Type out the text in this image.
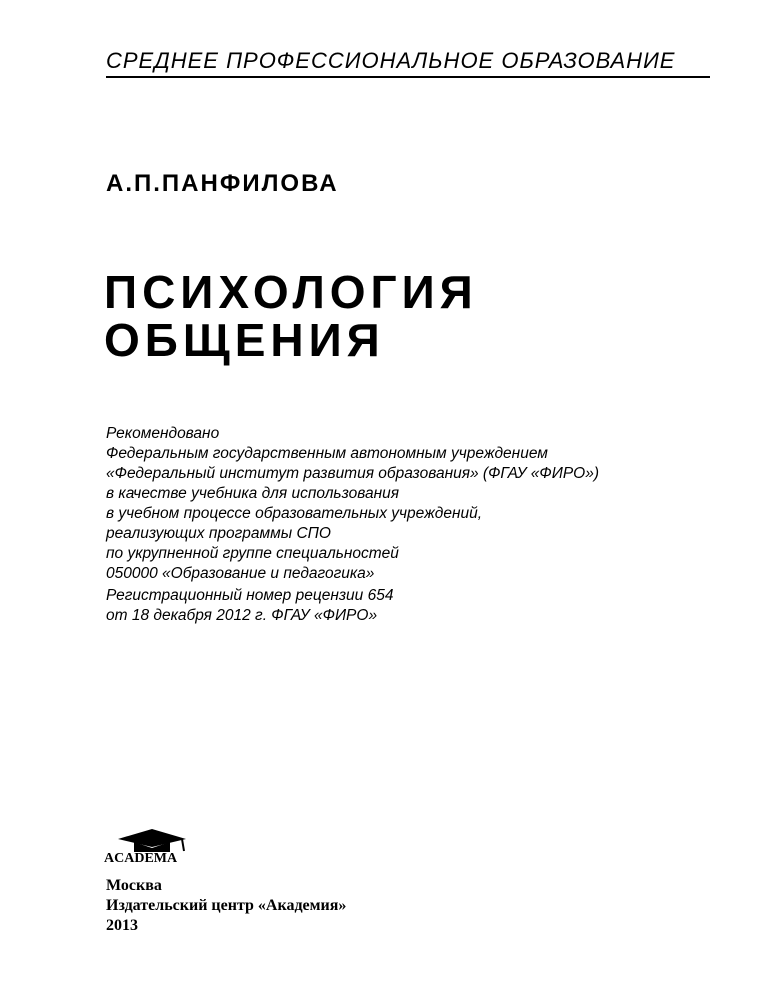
СРЕДНЕЕ ПРОФЕССИОНАЛЬНОЕ ОБРАЗОВАНИЕ
А.П.ПАНФИЛОВА
ПСИХОЛОГИЯ
ОБЩЕНИЯ
Рекомендовано
Федеральным государственным автономным учреждением
«Федеральный институт развития образования» (ФГАУ «ФИРО»)
в качестве учебника для использования
в учебном процессе образовательных учреждений,
реализующих программы СПО
по укрупненной группе специальностей
050000 «Образование и педагогика»
Регистрационный номер рецензии 654
от 18 декабря 2012 г. ФГАУ «ФИРО»
ACADEMA
Москва
Издательский центр «Академия»
2013
